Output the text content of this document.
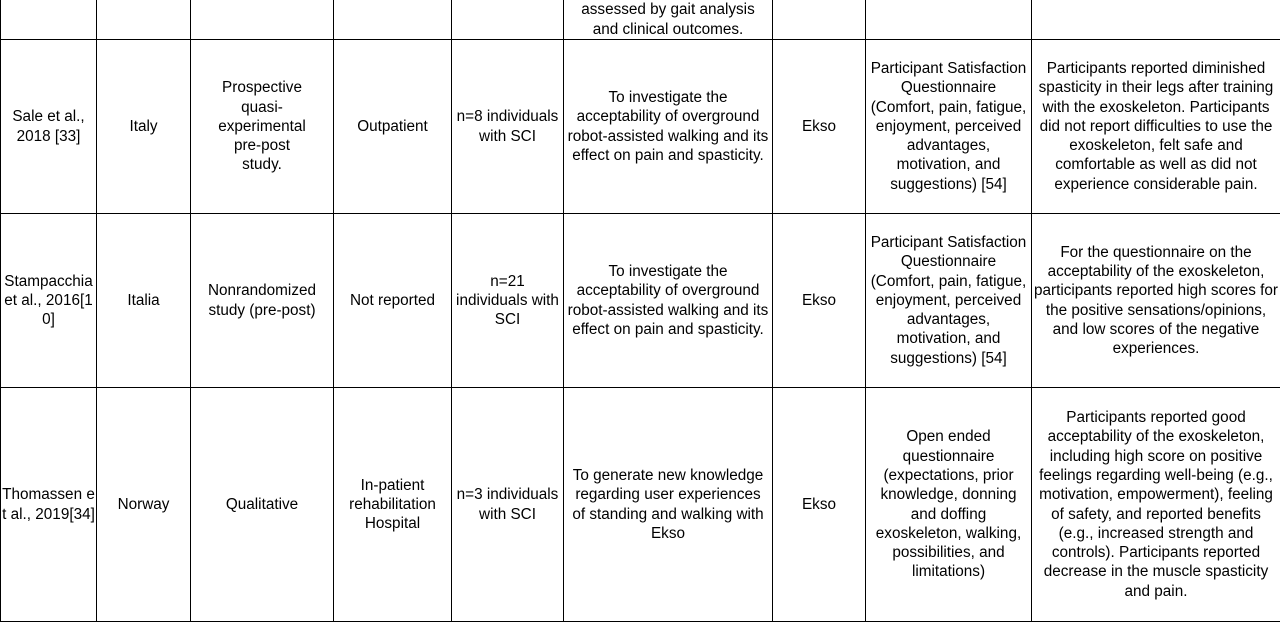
					assessed by gait analysis and clinical outcomes.			

Sale et al., 2018 [33]	Italy	Prospective quasi-experimental pre-post study.	Outpatient	n=8 individuals with SCI	To investigate the acceptability of overground robot-assisted walking and its effect on pain and spasticity.	Ekso	Participant Satisfaction Questionnaire (Comfort, pain, fatigue, enjoyment, perceived advantages, motivation, and suggestions) [54]	Participants reported diminished spasticity in their legs after training with the exoskeleton. Participants did not report difficulties to use the exoskeleton, felt safe and comfortable as well as did not experience considerable pain.

Stampacchia et al., 2016[10]	Italia	Nonrandomized study (pre-post)	Not reported	n=21 individuals with SCI	To investigate the acceptability of overground robot-assisted walking and its effect on pain and spasticity.	Ekso	Participant Satisfaction Questionnaire (Comfort, pain, fatigue, enjoyment, perceived advantages, motivation, and suggestions) [54]	For the questionnaire on the acceptability of the exoskeleton, participants reported high scores for the positive sensations/opinions, and low scores of the negative experiences.

Thomassen et al., 2019[34]	Norway	Qualitative	In-patient rehabilitation Hospital	n=3 individuals with SCI	To generate new knowledge regarding user experiences of standing and walking with Ekso	Ekso	Open ended questionnaire (expectations, prior knowledge, donning and doffing exoskeleton, walking, possibilities, and limitations)	Participants reported good acceptability of the exoskeleton, including high score on positive feelings regarding well-being (e.g., motivation, empowerment), feeling of safety, and reported benefits (e.g., increased strength and controls). Participants reported decrease in the muscle spasticity and pain.
